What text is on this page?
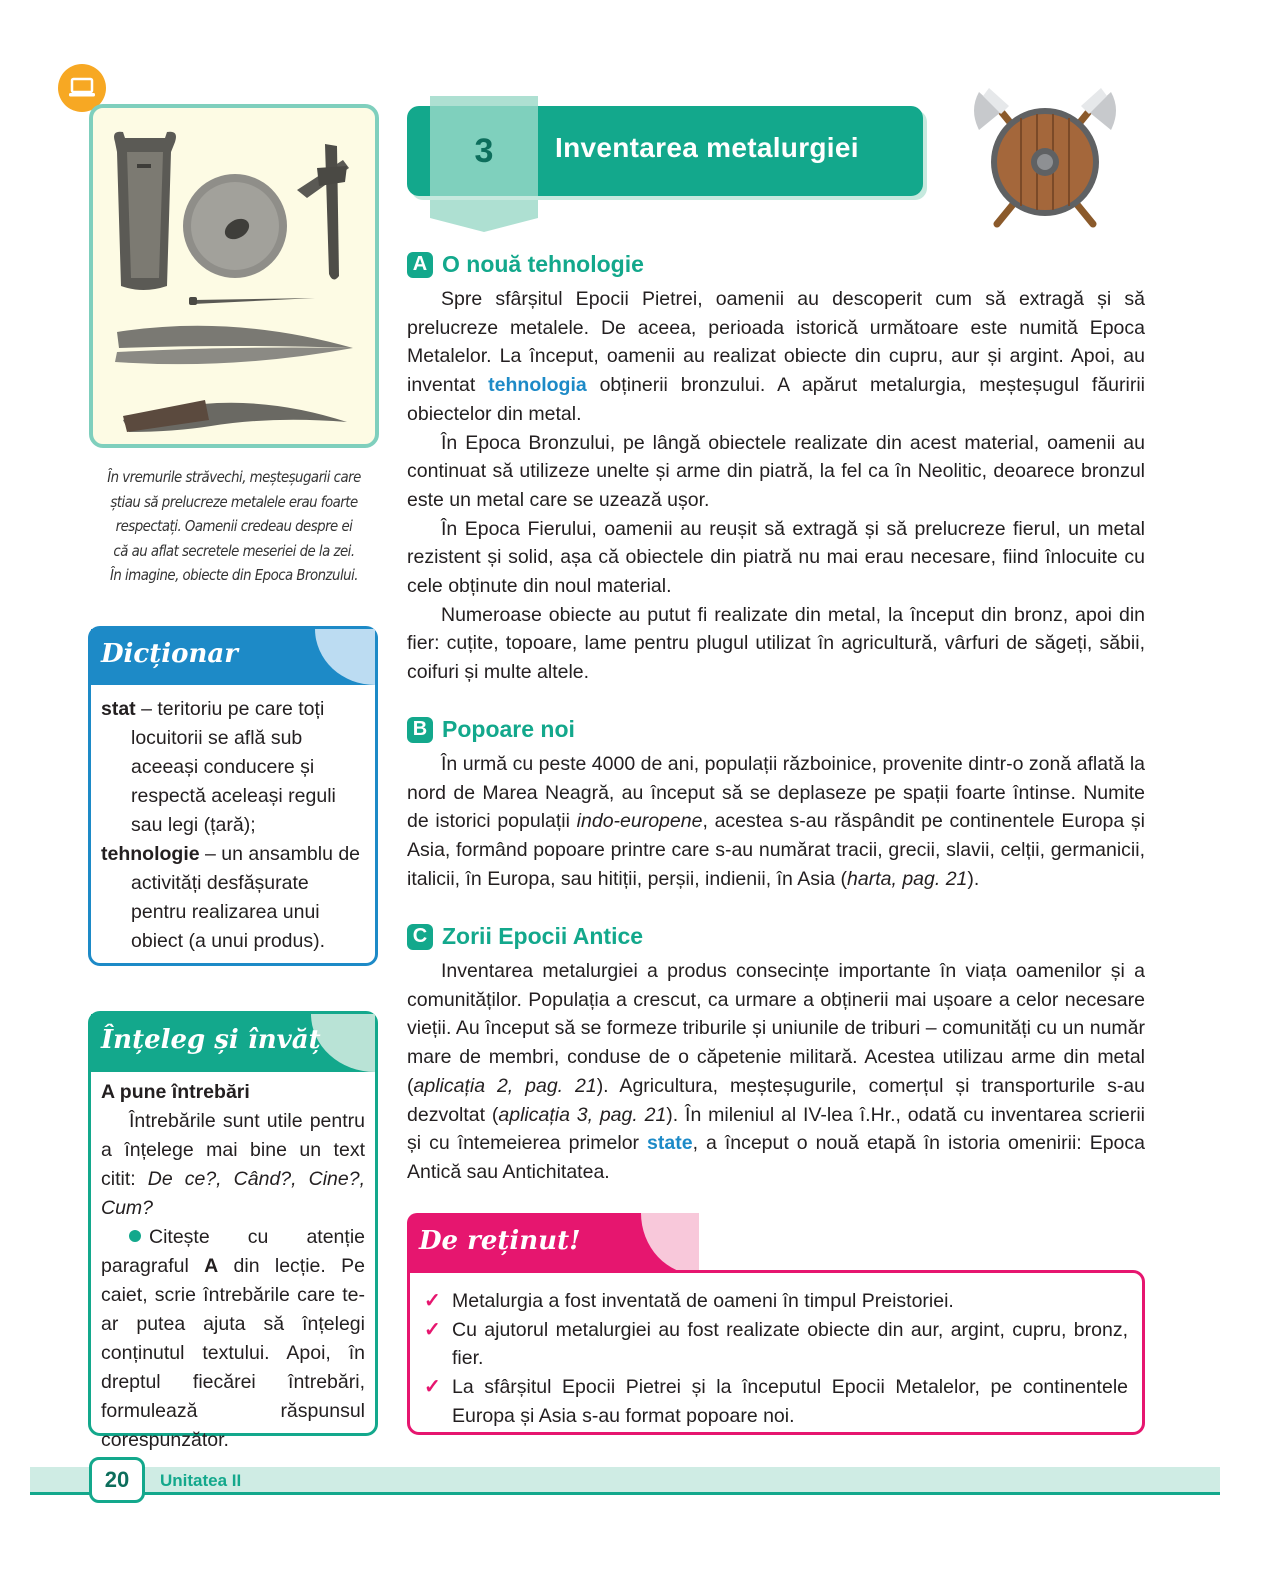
În vremurile străvechi, meșteșugarii care
știau să prelucreze metalele erau foarte
respectați. Oamenii credeau despre ei
că au aflat secretele meseriei de la zei.
În imagine, obiecte din Epoca Bronzului.
Dicționar
stat – teritoriu pe care toți locuitorii se află sub aceeași conducere și respectă aceleași reguli sau legi (țară);
tehnologie – un ansamblu de activități desfășurate pentru realizarea unui obiect (a unui produs).
Înțeleg și învăț
A pune întrebări

Întrebările sunt utile pentru a înțelege mai bine un text citit: De ce?, Când?, Cine?, Cum?

Citește cu atenție paragraful A din lecție. Pe caiet, scrie întrebările care te-ar putea ajuta să înțelegi conținutul textului. Apoi, în dreptul fiecărei întrebări, formulează răspunsul corespunzător.

3 Inventarea metalurgiei
A O nouă tehnologie

Spre sfârșitul Epocii Pietrei, oamenii au descoperit cum să extragă și să prelucreze metalele. De aceea, perioada istorică următoare este numită Epoca Metalelor. La început, oamenii au realizat obiecte din cupru, aur și argint. Apoi, au inventat tehnologia obținerii bronzului. A apărut metalurgia, meșteșugul făuririi obiectelor din metal.

În Epoca Bronzului, pe lângă obiectele realizate din acest material, oamenii au continuat să utilizeze unelte și arme din piatră, la fel ca în Neolitic, deoarece bronzul este un metal care se uzează ușor.

În Epoca Fierului, oamenii au reușit să extragă și să prelucreze fierul, un metal rezistent și solid, așa că obiectele din piatră nu mai erau necesare, fiind înlocuite cu cele obținute din noul material.

Numeroase obiecte au putut fi realizate din metal, la început din bronz, apoi din fier: cuțite, topoare, lame pentru plugul utilizat în agricultură, vârfuri de săgeți, săbii, coifuri și multe altele.

B Popoare noi

În urmă cu peste 4000 de ani, populații războinice, provenite dintr-o zonă aflată la nord de Marea Neagră, au început să se deplaseze pe spații foarte întinse. Numite de istorici populații indo-europene, acestea s-au răspândit pe continentele Europa și Asia, formând popoare printre care s-au numărat tracii, grecii, slavii, celții, germanicii, italicii, în Europa, sau hitiții, perșii, indienii, în Asia (harta, pag. 21).

C Zorii Epocii Antice

Inventarea metalurgiei a produs consecințe importante în viața oamenilor și a comunităților. Populația a crescut, ca urmare a obținerii mai ușoare a celor necesare vieții. Au început să se formeze triburile și uniunile de triburi – comunități cu un număr mare de membri, conduse de o căpetenie militară. Acestea utilizau arme din metal (aplicația 2, pag. 21). Agricultura, meșteșugurile, comerțul și transporturile s-au dezvoltat (aplicația 3, pag. 21). În mileniul al IV-lea î.Hr., odată cu inventarea scrierii și cu întemeierea primelor state, a început o nouă etapă în istoria omenirii: Epoca Antică sau Antichitatea.

De reținut!
✓ Metalurgia a fost inventată de oameni în timpul Preistoriei.
✓ Cu ajutorul metalurgiei au fost realizate obiecte din aur, argint, cupru, bronz, fier.
✓ La sfârșitul Epocii Pietrei și la începutul Epocii Metalelor, pe continentele Europa și Asia s-au format popoare noi.
20	Unitatea II
